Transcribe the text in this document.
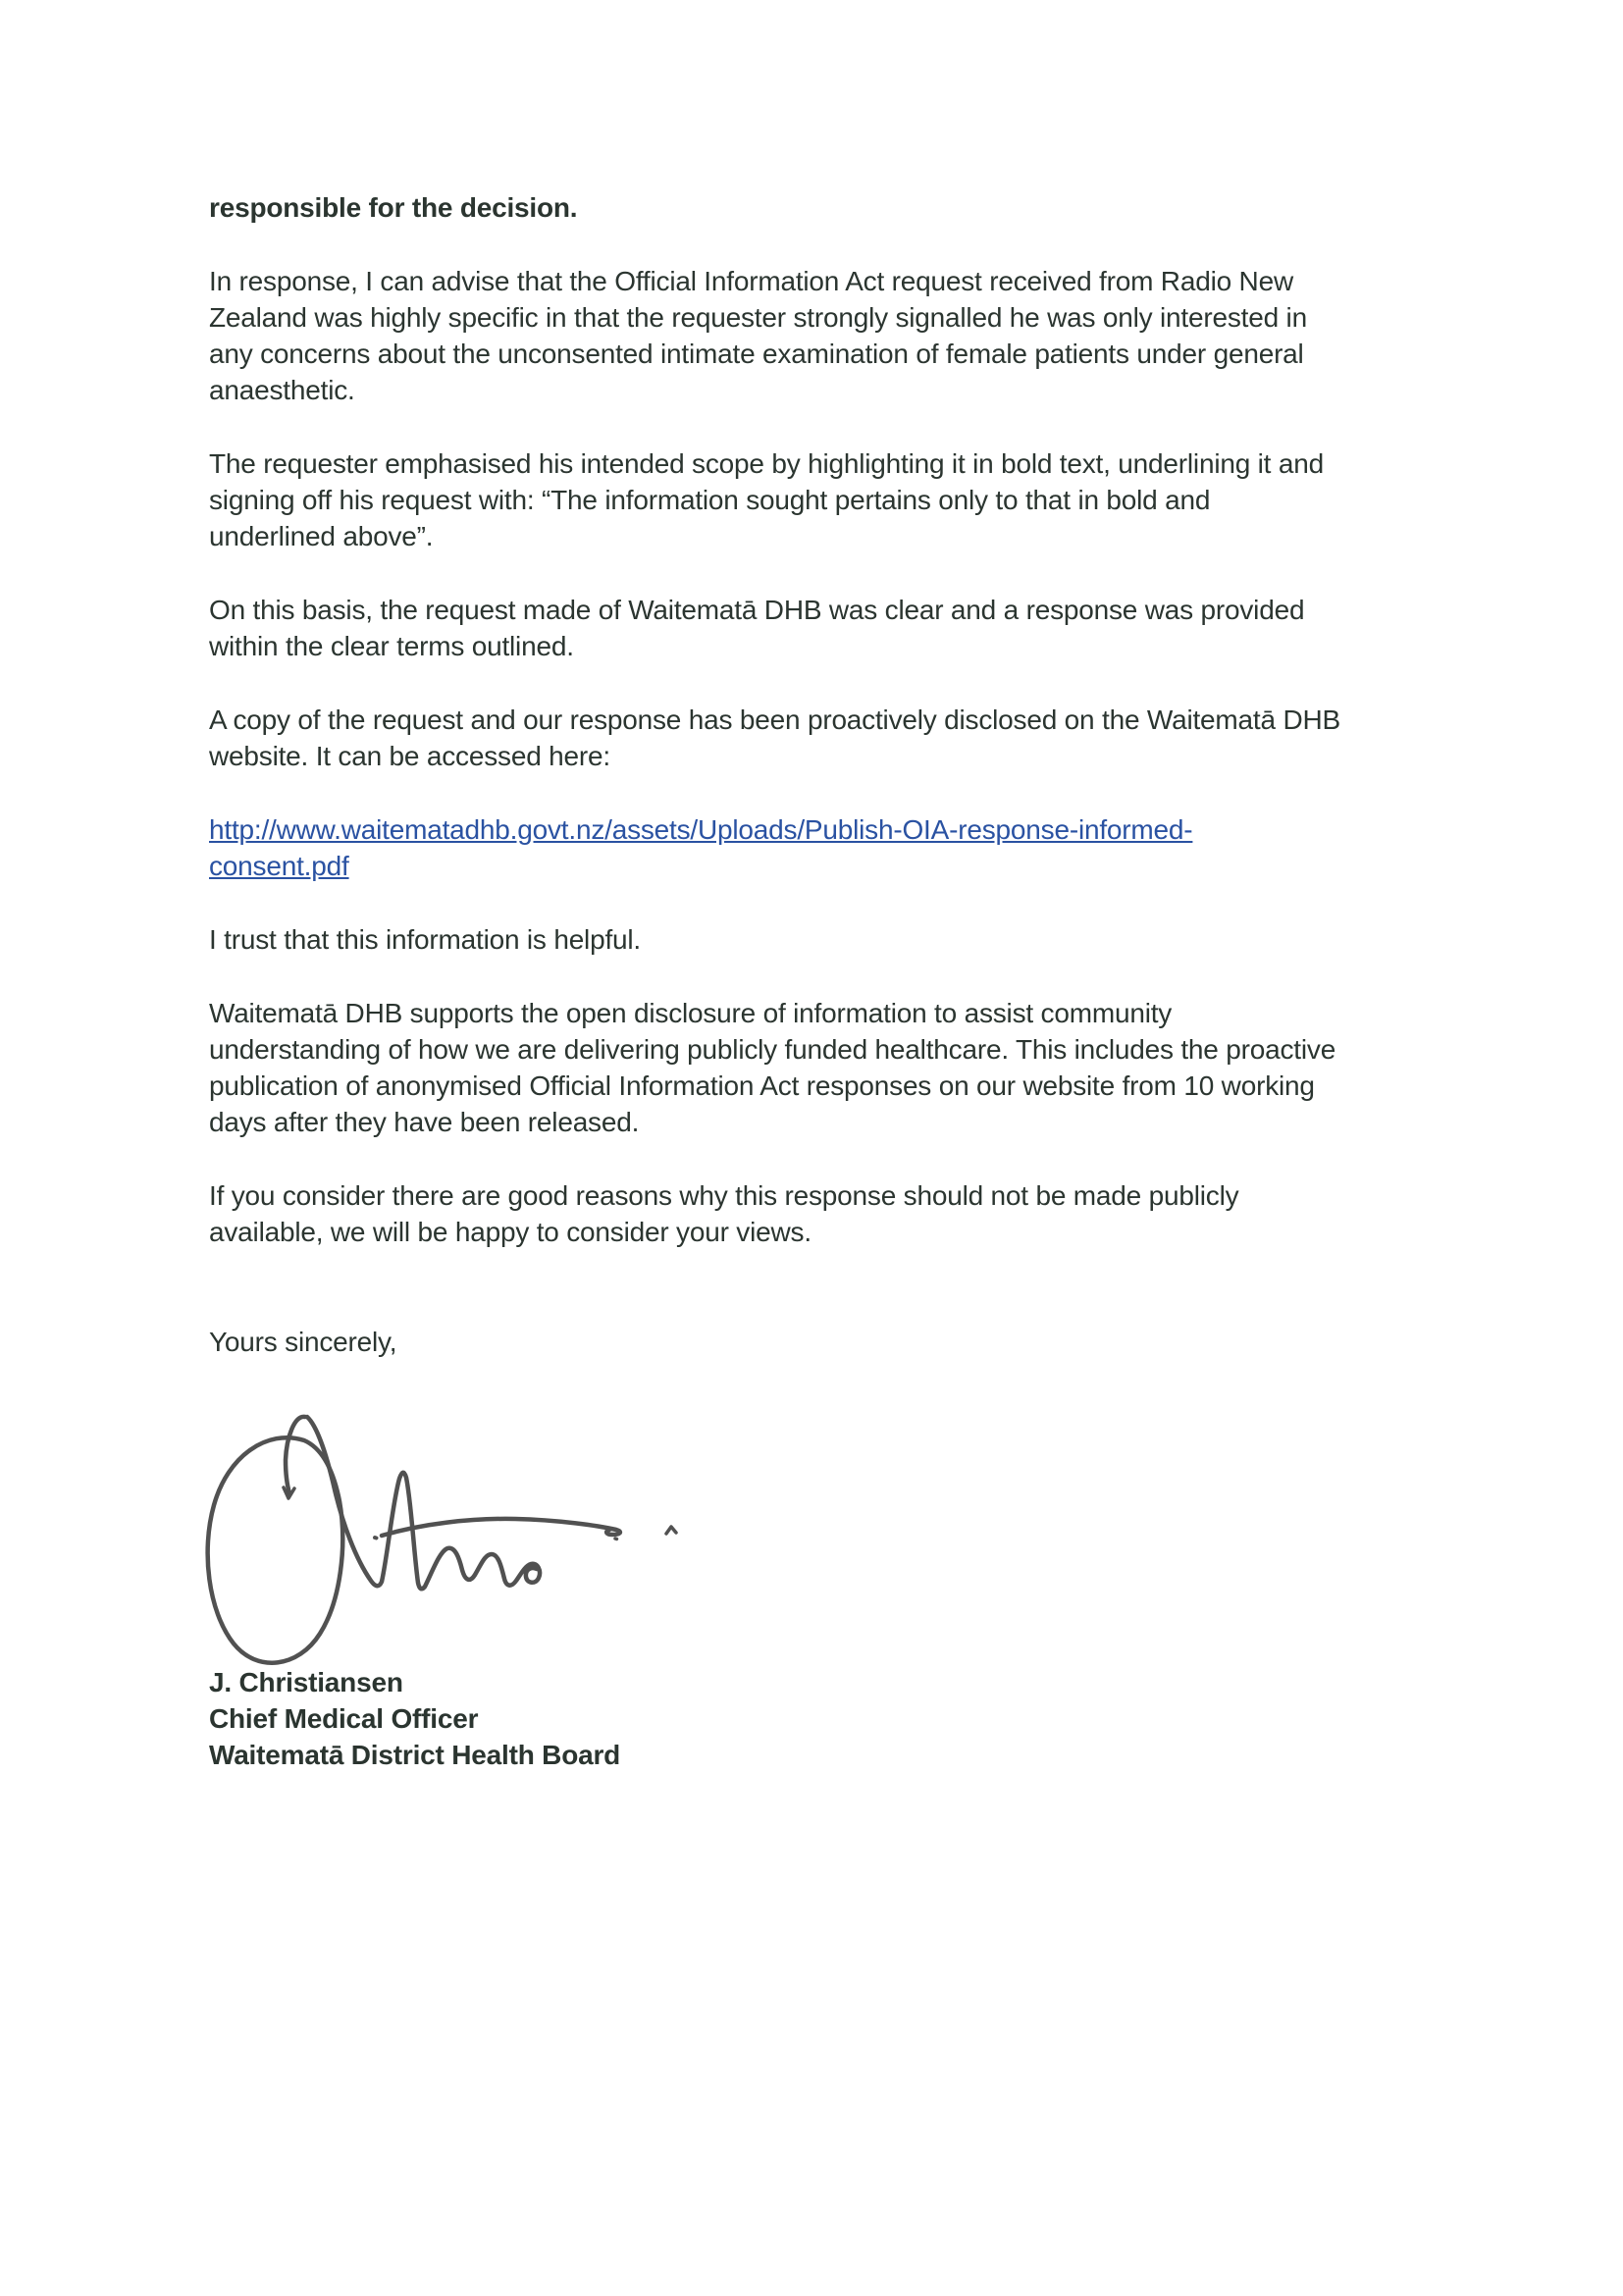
responsible for the decision.
In response, I can advise that the Official Information Act request received from Radio New
Zealand was highly specific in that the requester strongly signalled he was only interested in
any concerns about the unconsented intimate examination of female patients under general
anaesthetic.
The requester emphasised his intended scope by highlighting it in bold text, underlining it and
signing off his request with: “The information sought pertains only to that in bold and
underlined above”.
On this basis, the request made of Waitematā DHB was clear and a response was provided
within the clear terms outlined.
A copy of the request and our response has been proactively disclosed on the Waitematā DHB
website. It can be accessed here:
http://www.waitematadhb.govt.nz/assets/Uploads/Publish-OIA-response-informed-
consent.pdf
I trust that this information is helpful.
Waitematā DHB supports the open disclosure of information to assist community
understanding of how we are delivering publicly funded healthcare. This includes the proactive
publication of anonymised Official Information Act responses on our website from 10 working
days after they have been released.
If you consider there are good reasons why this response should not be made publicly
available, we will be happy to consider your views.
Yours sincerely,
J. Christiansen
Chief Medical Officer
Waitematā District Health Board
